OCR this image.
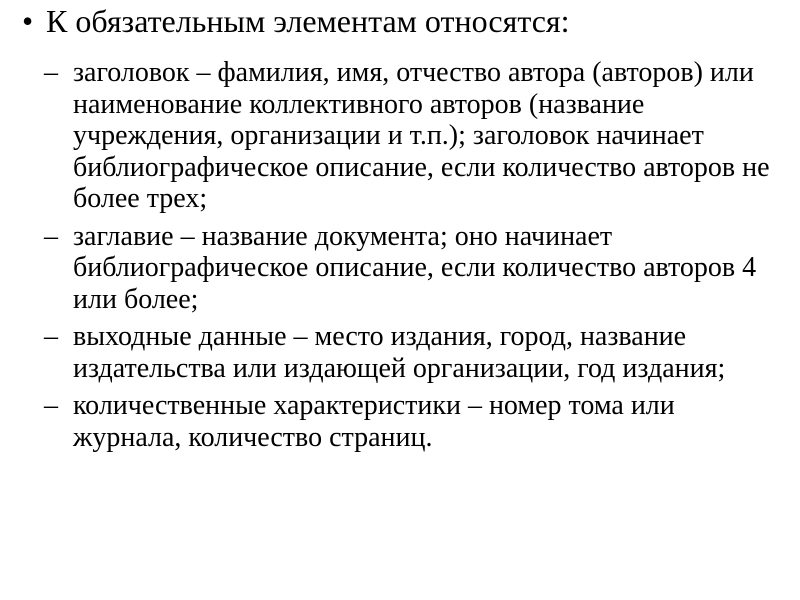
• К обязательным элементам относятся:
– заголовок – фамилия, имя, отчество автора (авторов) или наименование коллективного авторов (название учреждения, организации и т.п.); заголовок начинает библиографическое описание, если количество авторов не более трех;
– заглавие – название документа; оно начинает библиографическое описание, если количество авторов 4 или более;
– выходные данные – место издания, город, название издательства или издающей организации, год издания;
– количественные характеристики – номер тома или журнала, количество страниц.
